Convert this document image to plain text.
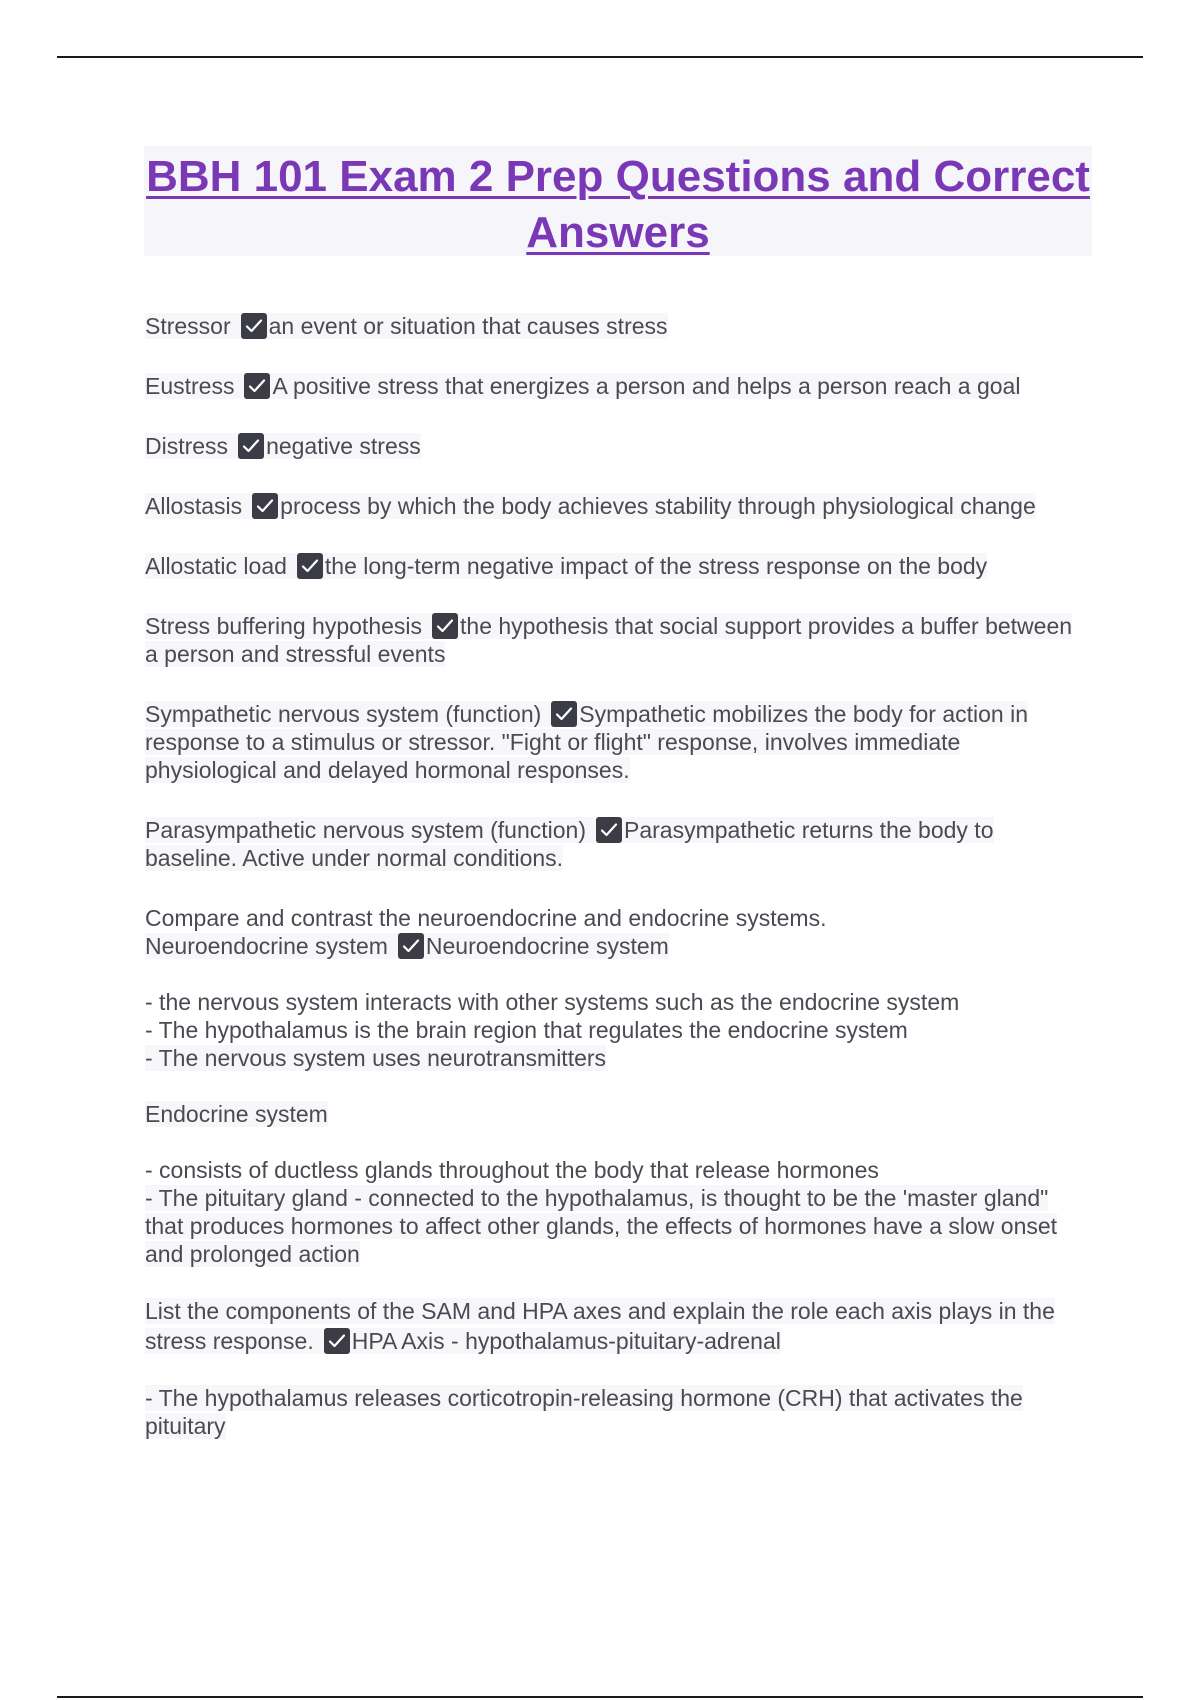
BBH 101 Exam 2 Prep Questions and Correct Answers

Stressor an event or situation that causes stress

Eustress A positive stress that energizes a person and helps a person reach a goal

Distress negative stress

Allostasis process by which the body achieves stability through physiological change

Allostatic load the long-term negative impact of the stress response on the body

Stress buffering hypothesis the hypothesis that social support provides a buffer between a person and stressful events

Sympathetic nervous system (function) Sympathetic mobilizes the body for action in response to a stimulus or stressor. "Fight or flight" response, involves immediate physiological and delayed hormonal responses.

Parasympathetic nervous system (function) Parasympathetic returns the body to baseline. Active under normal conditions.

Compare and contrast the neuroendocrine and endocrine systems.
Neuroendocrine system Neuroendocrine system

- the nervous system interacts with other systems such as the endocrine system
- The hypothalamus is the brain region that regulates the endocrine system
- The nervous system uses neurotransmitters

Endocrine system

- consists of ductless glands throughout the body that release hormones
- The pituitary gland - connected to the hypothalamus, is thought to be the 'master gland" that produces hormones to affect other glands, the effects of hormones have a slow onset and prolonged action

List the components of the SAM and HPA axes and explain the role each axis plays in the stress response. HPA Axis - hypothalamus-pituitary-adrenal

- The hypothalamus releases corticotropin-releasing hormone (CRH) that activates the pituitary
